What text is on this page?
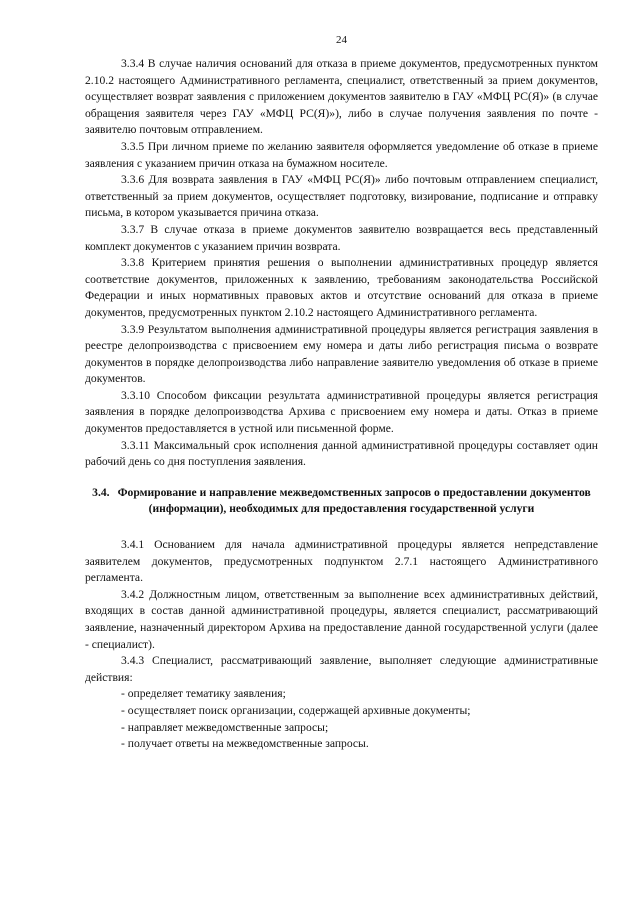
24

3.3.4 В случае наличия оснований для отказа в приеме документов, предусмотренных пунктом 2.10.2 настоящего Административного регламента, специалист, ответственный за прием документов, осуществляет возврат заявления с приложением документов заявителю в ГАУ «МФЦ РС(Я)» (в случае обращения заявителя через ГАУ «МФЦ РС(Я)»), либо в случае получения заявления по почте - заявителю почтовым отправлением.

3.3.5 При личном приеме по желанию заявителя оформляется уведомление об отказе в приеме заявления с указанием причин отказа на бумажном носителе.

3.3.6 Для возврата заявления в ГАУ «МФЦ РС(Я)» либо почтовым отправлением специалист, ответственный за прием документов, осуществляет подготовку, визирование, подписание и отправку письма, в котором указывается причина отказа.

3.3.7 В случае отказа в приеме документов заявителю возвращается весь представленный комплект документов с указанием причин возврата.

3.3.8 Критерием принятия решения о выполнении административных процедур является соответствие документов, приложенных к заявлению, требованиям законодательства Российской Федерации и иных нормативных правовых актов и отсутствие оснований для отказа в приеме документов, предусмотренных пунктом 2.10.2 настоящего Административного регламента.

3.3.9 Результатом выполнения административной процедуры является регистрация заявления в реестре делопроизводства с присвоением ему номера и даты либо регистрация письма о возврате документов в порядке делопроизводства либо направление заявителю уведомления об отказе в приеме документов.

3.3.10 Способом фиксации результата административной процедуры является регистрация заявления в порядке делопроизводства Архива с присвоением ему номера и даты. Отказ в приеме документов предоставляется в устной или письменной форме.

3.3.11 Максимальный срок исполнения данной административной процедуры составляет один рабочий день со дня поступления заявления.

3.4. Формирование и направление межведомственных запросов о предоставлении документов (информации), необходимых для предоставления государственной услуги

3.4.1 Основанием для начала административной процедуры является непредставление заявителем документов, предусмотренных подпунктом 2.7.1 настоящего Административного регламента.

3.4.2 Должностным лицом, ответственным за выполнение всех административных действий, входящих в состав данной административной процедуры, является специалист, рассматривающий заявление, назначенный директором Архива на предоставление данной государственной услуги (далее - специалист).

3.4.3 Специалист, рассматривающий заявление, выполняет следующие административные действия:

- определяет тематику заявления;
- осуществляет поиск организации, содержащей архивные документы;
- направляет межведомственные запросы;
- получает ответы на межведомственные запросы.
